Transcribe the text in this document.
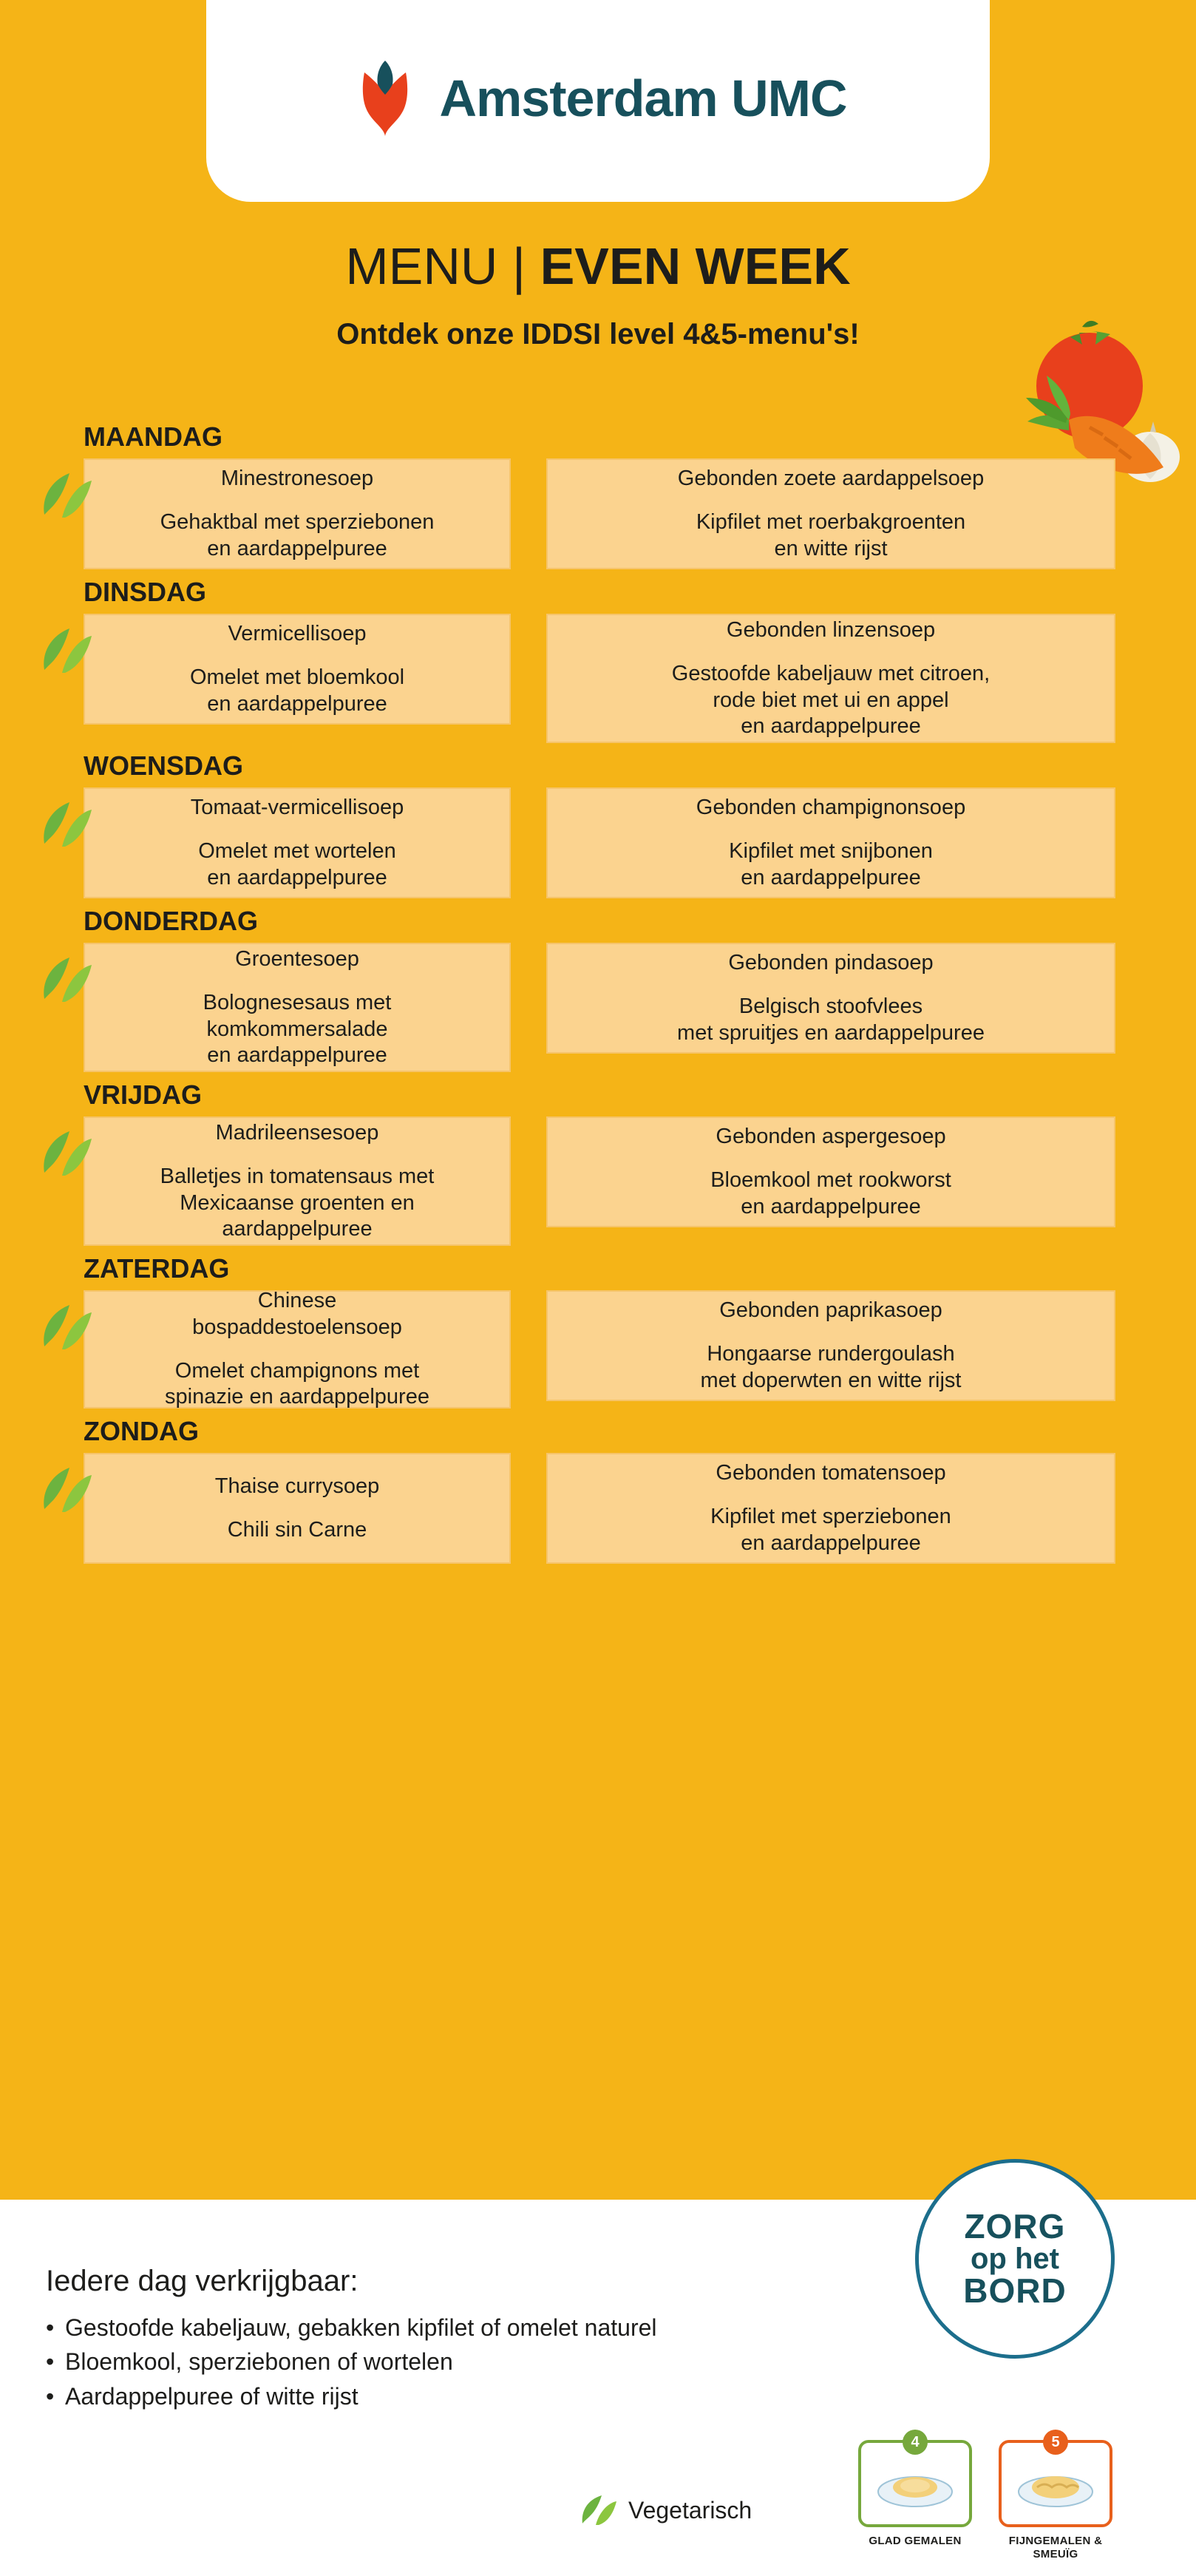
Amsterdam UMC
MENU | EVEN WEEK
Ontdek onze IDDSI level 4&5-menu's!
MAANDAG
Minestronesoep
Gehaktbal met sperziebonen
en aardappelpuree
Gebonden zoete aardappelsoep
Kipfilet met roerbakgroenten
en witte rijst
DINSDAG
Vermicellisoep
Omelet met bloemkool
en aardappelpuree
Gebonden linzensoep
Gestoofde kabeljauw met citroen,
rode biet met ui en appel
en aardappelpuree
WOENSDAG
Tomaat-vermicellisoep
Omelet met wortelen
en aardappelpuree
Gebonden champignonsoep
Kipfilet met snijbonen
en aardappelpuree
DONDERDAG
Groentesoep
Bolognesesaus met
komkommersalade
en aardappelpuree
Gebonden pindasoep
Belgisch stoofvlees
met spruitjes en aardappelpuree
VRIJDAG
Madrileensesoep
Balletjes in tomatensaus met
Mexicaanse groenten en
aardappelpuree
Gebonden aspergesoep
Bloemkool met rookworst
en aardappelpuree
ZATERDAG
Chinese
bospaddestoelensoep
Omelet champignons met
spinazie en aardappelpuree
Gebonden paprikasoep
Hongaarse rundergoulash
met doperwten en witte rijst
ZONDAG
Thaise currysoep
Chili sin Carne
Gebonden tomatensoep
Kipfilet met sperziebonen
en aardappelpuree
Iedere dag verkrijgbaar:
• Gestoofde kabeljauw, gebakken kipfilet of omelet naturel
• Bloemkool, sperziebonen of wortelen
• Aardappelpuree of witte rijst
Vegetarisch
ZORG
op het
BORD
4
GLAD GEMALEN
5
FIJNGEMALEN &
SMEUÏG
